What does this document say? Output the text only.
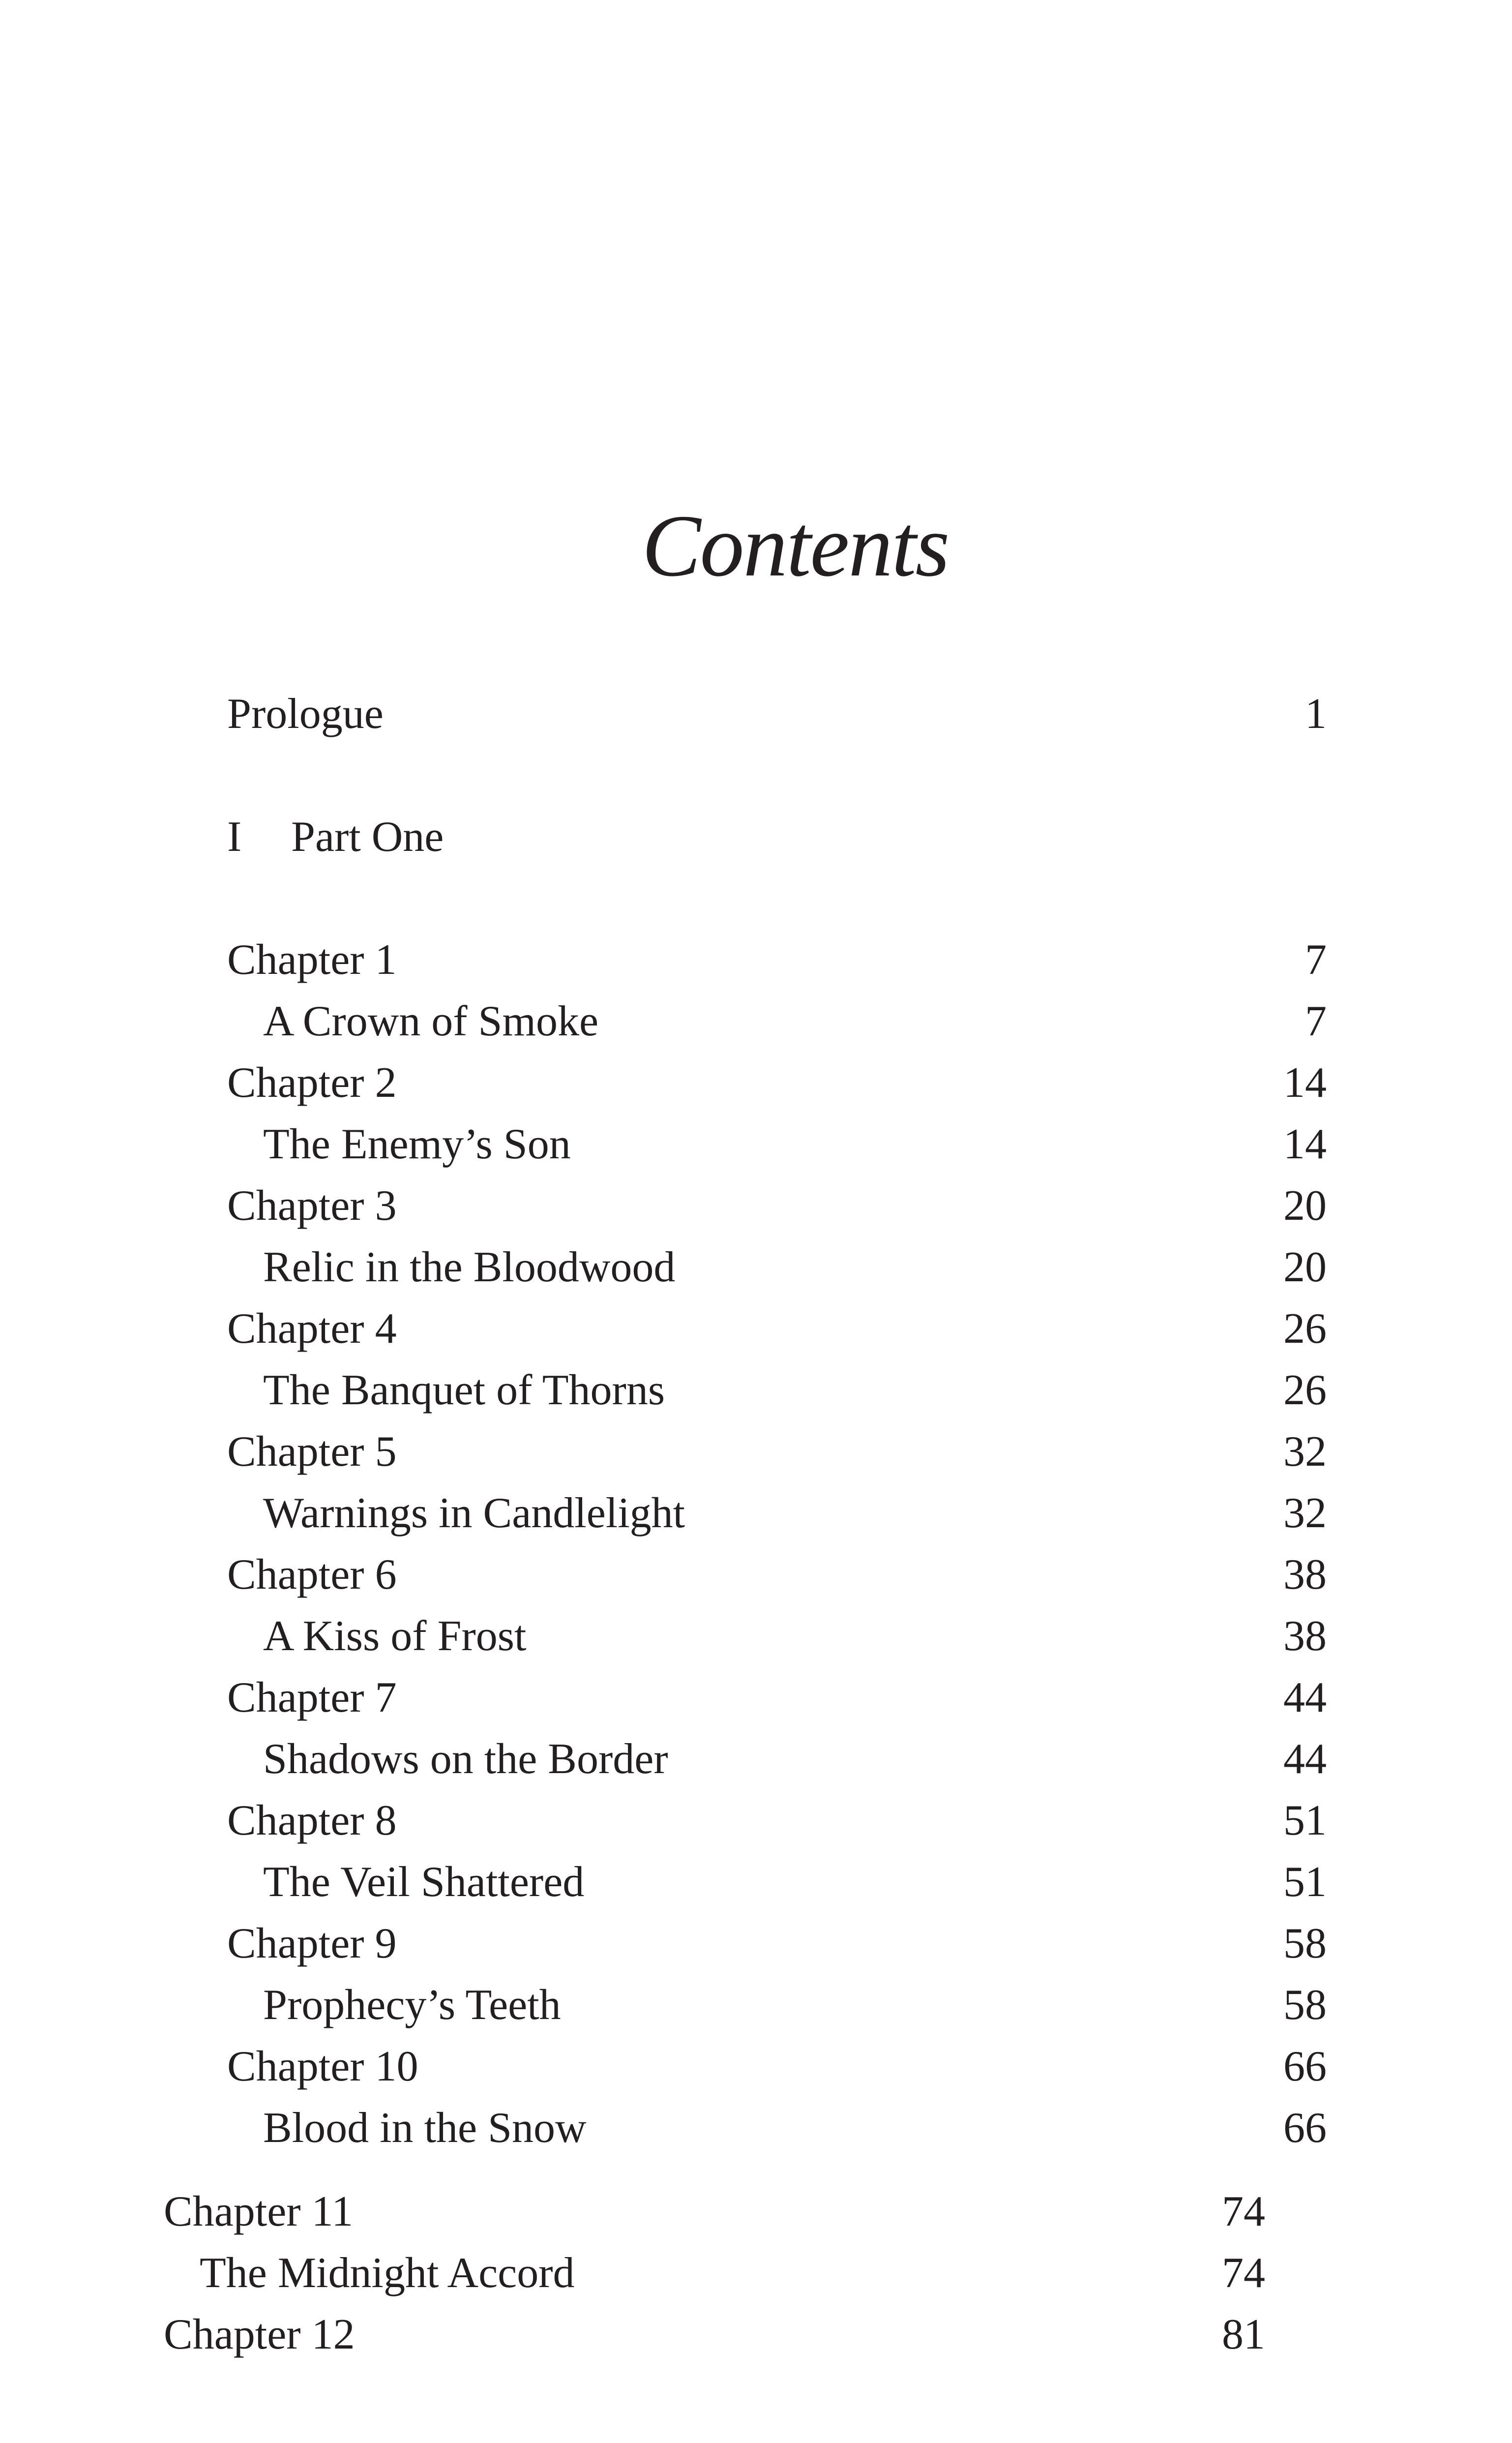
Contents
Prologue	1
I Part One
Chapter 1	7
A Crown of Smoke	7
Chapter 2	14
The Enemy’s Son	14
Chapter 3	20
Relic in the Bloodwood	20
Chapter 4	26
The Banquet of Thorns	26
Chapter 5	32
Warnings in Candlelight	32
Chapter 6	38
A Kiss of Frost	38
Chapter 7	44
Shadows on the Border	44
Chapter 8	51
The Veil Shattered	51
Chapter 9	58
Prophecy’s Teeth	58
Chapter 10	66
Blood in the Snow	66
Chapter 11	74
The Midnight Accord	74
Chapter 12	81
